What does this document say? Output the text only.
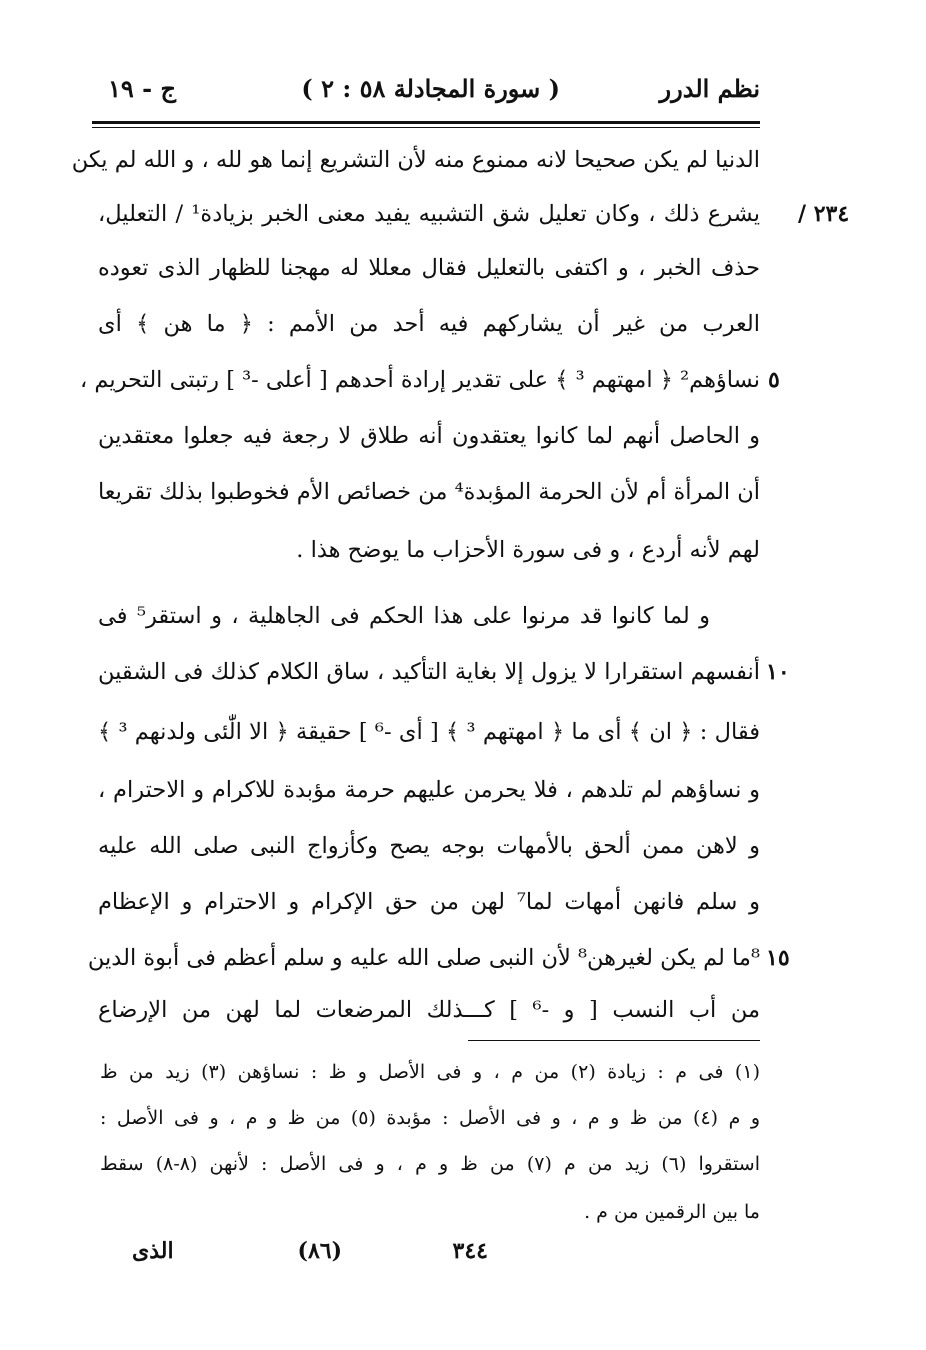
نظم الدرر
( سورة المجادلة ٥٨ : ٢ )
ج - ١٩
الدنيا لم يكن صحيحا لانه ممنوع منه لأن التشريع إنما هو لله ، و الله لم يكن
يشرع ذلك ، وكان تعليل شق التشبيه يفيد معنى الخبر بزيادة¹ / التعليل،
حذف الخبر ، و اكتفى بالتعليل فقال معللا له مهجنا للظهار الذى تعوده
العرب من غير أن يشاركهم فيه أحد من الأمم : ﴿ ما هن ﴾ أى
نساؤهم² ﴿ امهتهم ³ ﴾ على تقدير إرادة أحدهم [ أعلى -³ ] رتبتى التحريم ،
و الحاصل أنهم لما كانوا يعتقدون أنه طلاق لا رجعة فيه جعلوا معتقدين
أن المرأة أم لأن الحرمة المؤبدة⁴ من خصائص الأم فخوطبوا بذلك تقريعا
لهم لأنه أردع ، و فى سورة الأحزاب ما يوضح هذا .
و لما كانوا قد مرنوا على هذا الحكم فى الجاهلية ، و استقر⁵ فى
أنفسهم استقرارا لا يزول إلا بغاية التأكيد ، ساق الكلام كذلك فى الشقين
فقال : ﴿ ان ﴾ أى ما ﴿ امهتهم ³ ﴾ [ أى -⁶ ] حقيقة ﴿ الا الّٰئى ولدنهم ³ ﴾
و نساؤهم لم تلدهم ، فلا يحرمن عليهم حرمة مؤبدة للاكرام و الاحترام ،
و لاهن ممن ألحق بالأمهات بوجه يصح وكأزواج النبى صلى الله عليه
و سلم فانهن أمهات لما⁷ لهن من حق الإكرام و الاحترام و الإعظام
⁸ما لم يكن لغيرهن⁸ لأن النبى صلى الله عليه و سلم أعظم فى أبوة الدين
من أب النسب [ و -⁶ ] كـــذلك المرضعات لما لهن من الإرضاع
٢٣٤ /
٥
١٠
١٥
(١) فى م : زيادة (٢) من م ، و فى الأصل و ظ : نساؤهن (٣) زيد من ظ
و م (٤) من ظ و م ، و فى الأصل : مؤبدة (٥) من ظ و م ، و فى الأصل :
استقروا (٦) زيد من م (٧) من ظ و م ، و فى الأصل : لأنهن (٨-٨) سقط
ما بين الرقمين من م .
٣٤٤
(٨٦)
الذى
